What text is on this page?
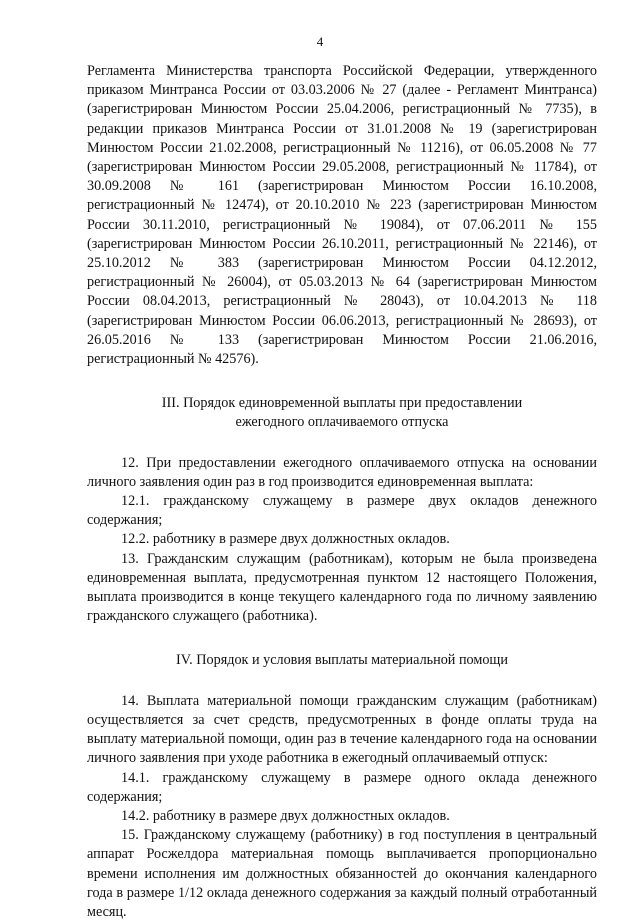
4

Регламента Министерства транспорта Российской Федерации, утвержденного приказом Минтранса России от 03.03.2006 № 27 (далее - Регламент Минтранса) (зарегистрирован Минюстом России 25.04.2006, регистрационный № 7735), в редакции приказов Минтранса России от 31.01.2008 № 19 (зарегистрирован Минюстом России 21.02.2008, регистрационный № 11216), от 06.05.2008 № 77 (зарегистрирован Минюстом России 29.05.2008, регистрационный № 11784), от 30.09.2008 № 161 (зарегистрирован Минюстом России 16.10.2008, регистрационный № 12474), от 20.10.2010 № 223 (зарегистрирован Минюстом России 30.11.2010, регистрационный № 19084), от 07.06.2011 № 155 (зарегистрирован Минюстом России 26.10.2011, регистрационный № 22146), от 25.10.2012 № 383 (зарегистрирован Минюстом России 04.12.2012, регистрационный № 26004), от 05.03.2013 № 64 (зарегистрирован Минюстом России 08.04.2013, регистрационный № 28043), от 10.04.2013 № 118 (зарегистрирован Минюстом России 06.06.2013, регистрационный № 28693), от 26.05.2016 № 133 (зарегистрирован Минюстом России 21.06.2016, регистрационный № 42576).

III. Порядок единовременной выплаты при предоставлении
ежегодного оплачиваемого отпуска

12. При предоставлении ежегодного оплачиваемого отпуска на основании личного заявления один раз в год производится единовременная выплата:

12.1. гражданскому служащему в размере двух окладов денежного содержания;

12.2. работнику в размере двух должностных окладов.

13. Гражданским служащим (работникам), которым не была произведена единовременная выплата, предусмотренная пунктом 12 настоящего Положения, выплата производится в конце текущего календарного года по личному заявлению гражданского служащего (работника).

IV. Порядок и условия выплаты материальной помощи

14. Выплата материальной помощи гражданским служащим (работникам) осуществляется за счет средств, предусмотренных в фонде оплаты труда на выплату материальной помощи, один раз в течение календарного года на основании личного заявления при уходе работника в ежегодный оплачиваемый отпуск:

14.1. гражданскому служащему в размере одного оклада денежного содержания;

14.2. работнику в размере двух должностных окладов.

15. Гражданскому служащему (работнику) в год поступления в центральный аппарат Росжелдора материальная помощь выплачивается пропорционально времени исполнения им должностных обязанностей до окончания календарного года в размере 1/12 оклада денежного содержания за каждый полный отработанный месяц.
